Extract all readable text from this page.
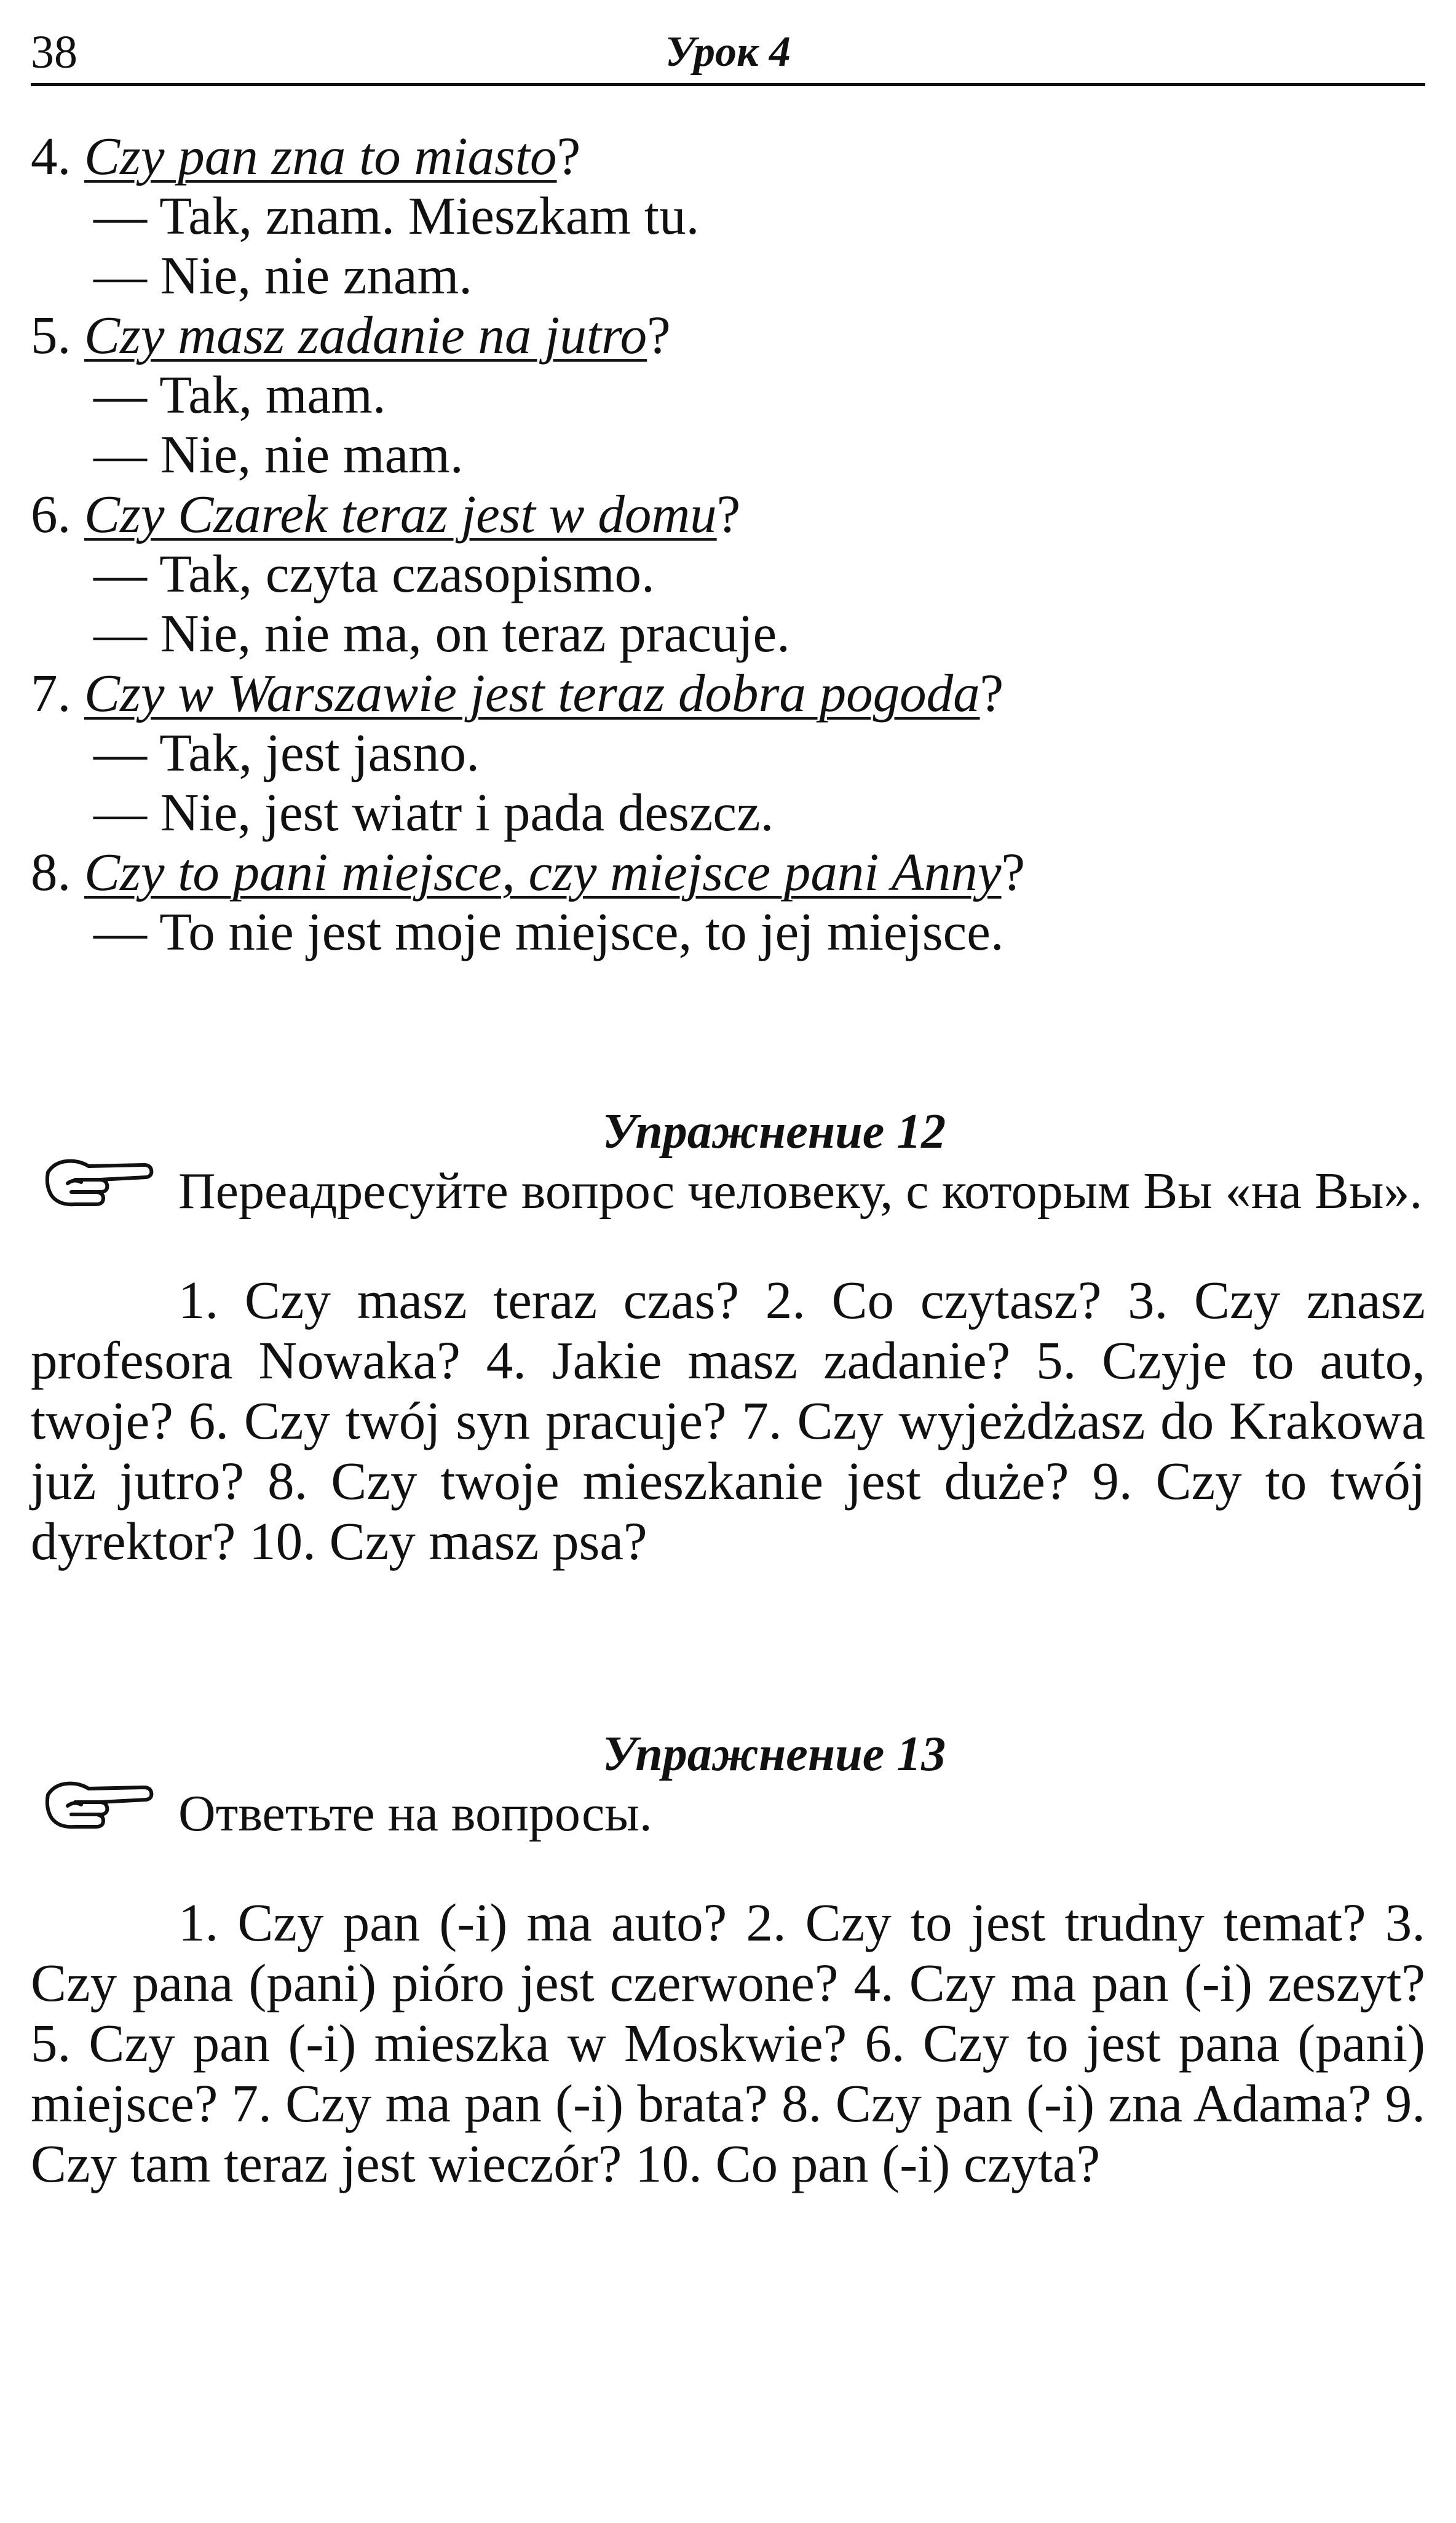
38	Урок 4
4. Czy pan zna to miasto?
— Tak, znam. Mieszkam tu.
— Nie, nie znam.
5. Czy masz zadanie na jutro?
— Tak, mam.
— Nie, nie mam.
6. Czy Czarek teraz jest w domu?
— Tak, czyta czasopismo.
— Nie, nie ma, on teraz pracuje.
7. Czy w Warszawie jest teraz dobra pogoda?
— Tak, jest jasno.
— Nie, jest wiatr i pada deszcz.
8. Czy to pani miejsce, czy miejsce pani Anny?
— To nie jest moje miejsce, to jej miejsce.
Упражнение 12
Переадресуйте вопрос человеку, с которым Вы «на Вы».
1. Czy masz teraz czas? 2. Co czytasz? 3. Czy znasz profesora Nowaka? 4. Jakie masz zadanie? 5. Czyje to auto, twoje? 6. Czy twój syn pracuje? 7. Czy wyjeżdżasz do Krakowa już jutro? 8. Czy twoje mieszkanie jest duże? 9. Czy to twój dyrektor? 10. Czy masz psa?
Упражнение 13
Ответьте на вопросы.
1. Czy pan (-i) ma auto? 2. Czy to jest trudny temat? 3. Czy pana (pani) pióro jest czerwone? 4. Czy ma pan (-i) zeszyt? 5. Czy pan (-i) mieszka w Moskwie? 6. Czy to jest pana (pani) miejsce? 7. Czy ma pan (-i) brata? 8. Czy pan (-i) zna Adama? 9. Czy tam teraz jest wieczór? 10. Co pan (-i) czyta?
